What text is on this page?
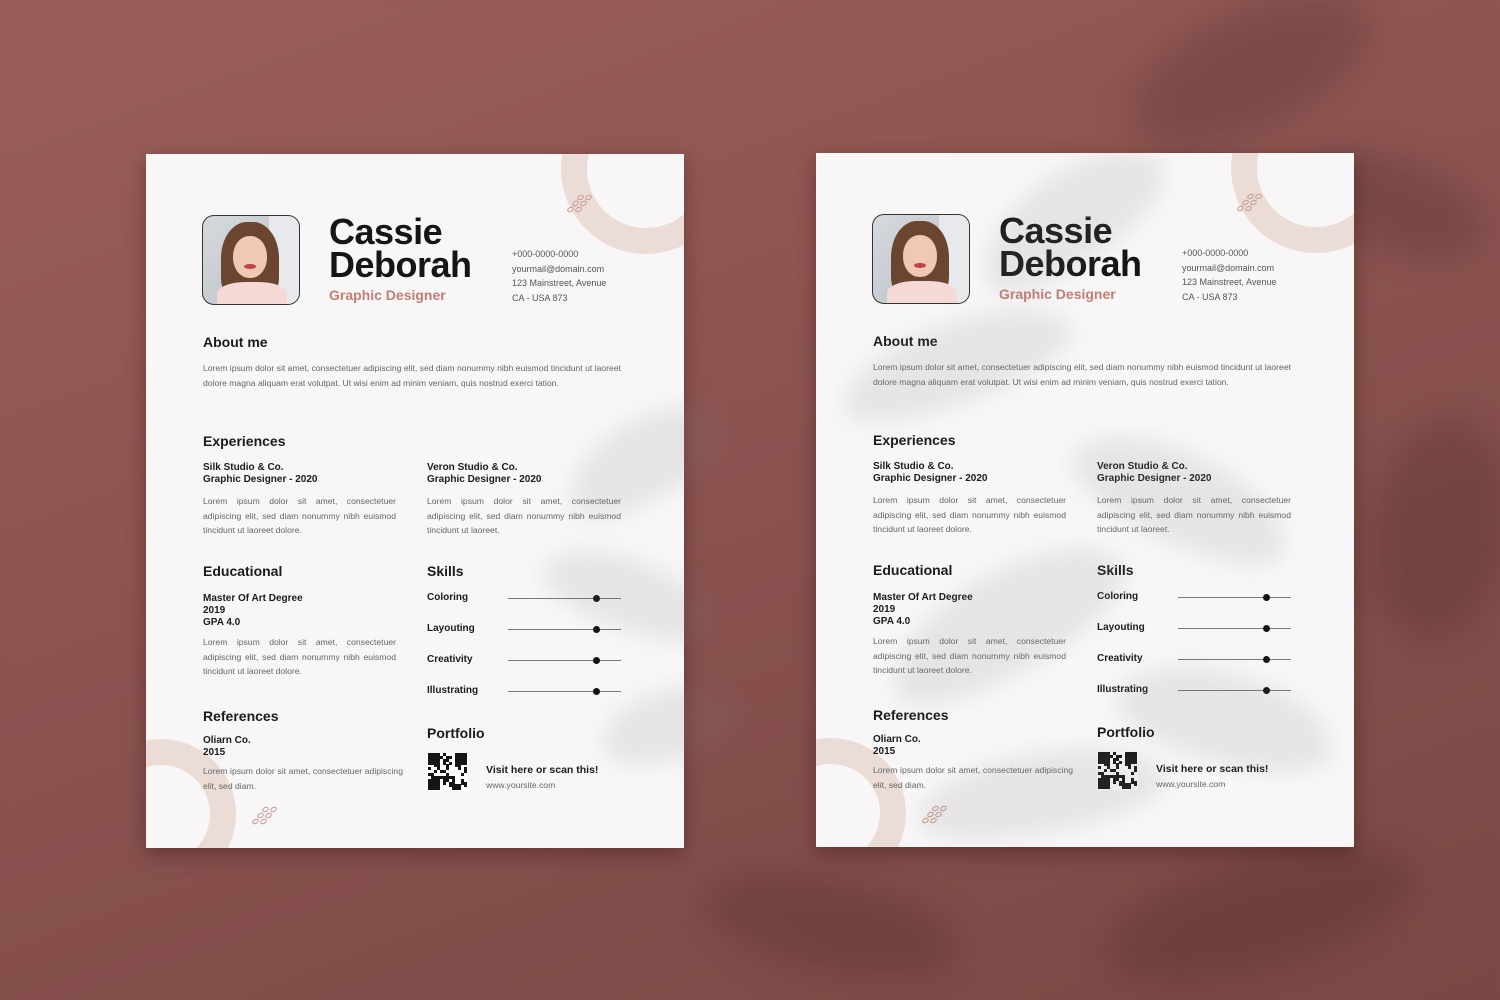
Cassie
Deborah
Graphic Designer
+000-0000-0000
yourmail@domain.com
123 Mainstreet, Avenue
CA - USA 873
About me
Lorem ipsum dolor sit amet, consectetuer adipiscing elit, sed diam nonummy nibh euismod tincidunt ut laoreet dolore magna aliquam erat volutpat. Ut wisi enim ad minim veniam, quis nostrud exerci tation.
Experiences
Silk Studio & Co.
Graphic Designer - 2020
Lorem ipsum dolor sit amet, consectetuer adipiscing elit, sed diam nonummy nibh euismod tincidunt ut laoreet dolore.
Veron Studio & Co.
Graphic Designer - 2020
Lorem ipsum dolor sit amet, consectetuer adipiscing elit, sed diam nonummy nibh euismod tincidunt ut laoreet.
Educational
Master Of Art Degree
2019
GPA 4.0
Lorem ipsum dolor sit amet, consectetuer adipiscing elit, sed diam nonummy nibh euismod tincidunt ut laoreet dolore.
Skills
Coloring
Layouting
Creativity
Illustrating
References
Oliarn Co.
2015
Lorem ipsum dolor sit amet, consectetuer adipiscing elit, sed diam.
Portfolio
Visit here or scan this!
www.yoursite.com
Cassie
Deborah
Graphic Designer
+000-0000-0000
yourmail@domain.com
123 Mainstreet, Avenue
CA - USA 873
About me
Lorem ipsum dolor sit amet, consectetuer adipiscing elit, sed diam nonummy nibh euismod tincidunt ut laoreet dolore magna aliquam erat volutpat. Ut wisi enim ad minim veniam, quis nostrud exerci tation.
Experiences
Silk Studio & Co.
Graphic Designer - 2020
Lorem ipsum dolor sit amet, consectetuer adipiscing elit, sed diam nonummy nibh euismod tincidunt ut laoreet dolore.
Veron Studio & Co.
Graphic Designer - 2020
Lorem ipsum dolor sit amet, consectetuer adipiscing elit, sed diam nonummy nibh euismod tincidunt ut laoreet.
Educational
Master Of Art Degree
2019
GPA 4.0
Lorem ipsum dolor sit amet, consectetuer adipiscing elit, sed diam nonummy nibh euismod tincidunt ut laoreet dolore.
Skills
Coloring
Layouting
Creativity
Illustrating
References
Oliarn Co.
2015
Lorem ipsum dolor sit amet, consectetuer adipiscing elit, sed diam.
Portfolio
Visit here or scan this!
www.yoursite.com
